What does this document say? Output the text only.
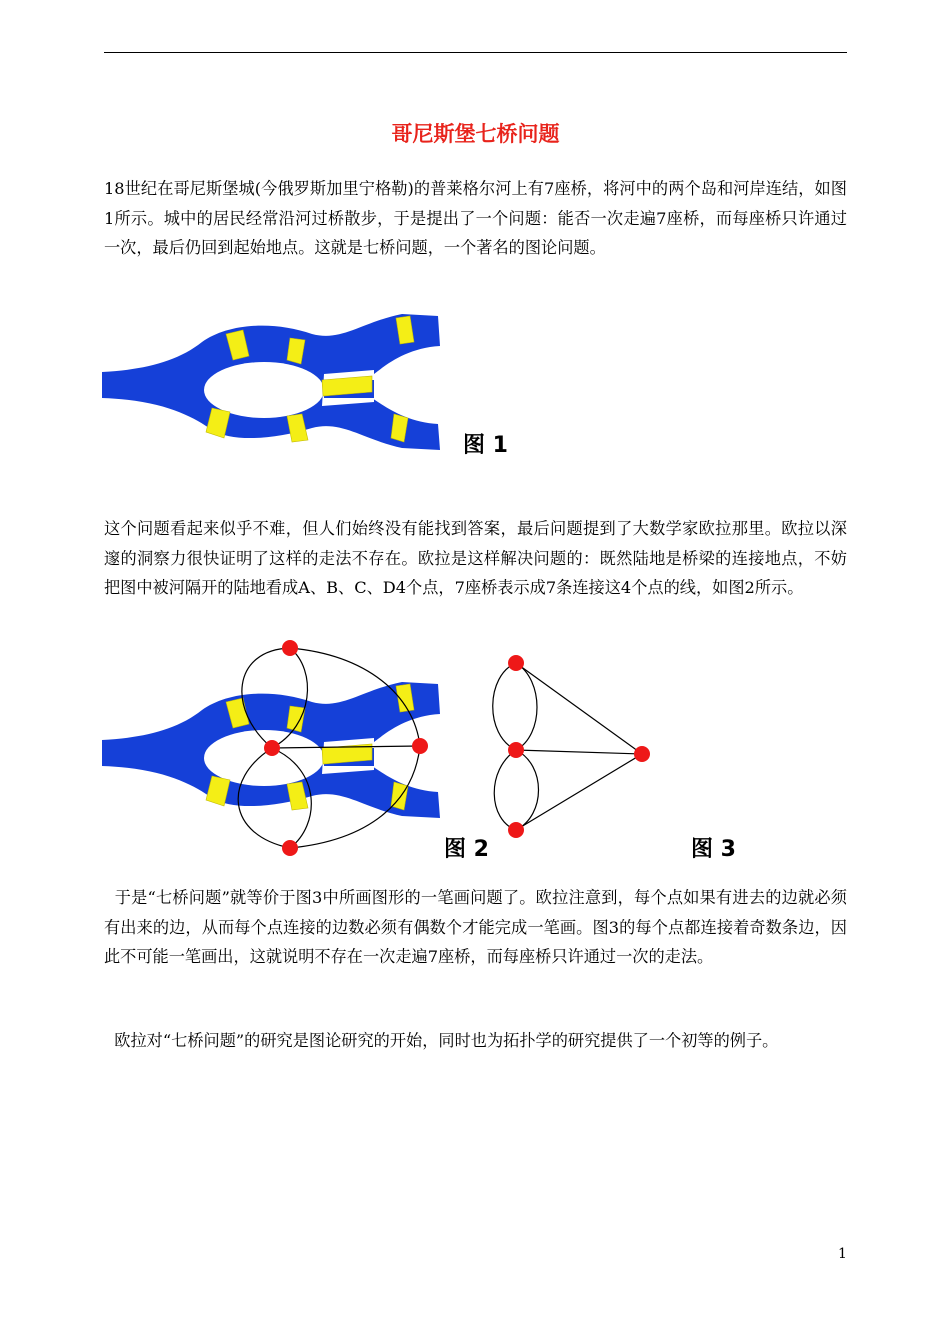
哥尼斯堡七桥问题

18世纪在哥尼斯堡城(今俄罗斯加里宁格勒)的普莱格尔河上有7座桥，将河中的两个岛和河岸连结，如图1所示。城中的居民经常沿河过桥散步，于是提出了一个问题：能否一次走遍7座桥，而每座桥只许通过一次，最后仍回到起始地点。这就是七桥问题，一个著名的图论问题。

图 1

这个问题看起来似乎不难，但人们始终没有能找到答案，最后问题提到了大数学家欧拉那里。欧拉以深邃的洞察力很快证明了这样的走法不存在。欧拉是这样解决问题的：既然陆地是桥梁的连接地点，不妨把图中被河隔开的陆地看成A、B、C、D4个点，7座桥表示成7条连接这4个点的线，如图2所示。

图 2	图 3

于是“七桥问题”就等价于图3中所画图形的一笔画问题了。欧拉注意到，每个点如果有进去的边就必须有出来的边，从而每个点连接的边数必须有偶数个才能完成一笔画。图3的每个点都连接着奇数条边，因此不可能一笔画出，这就说明不存在一次走遍7座桥，而每座桥只许通过一次的走法。

欧拉对“七桥问题”的研究是图论研究的开始，同时也为拓扑学的研究提供了一个初等的例子。

1
